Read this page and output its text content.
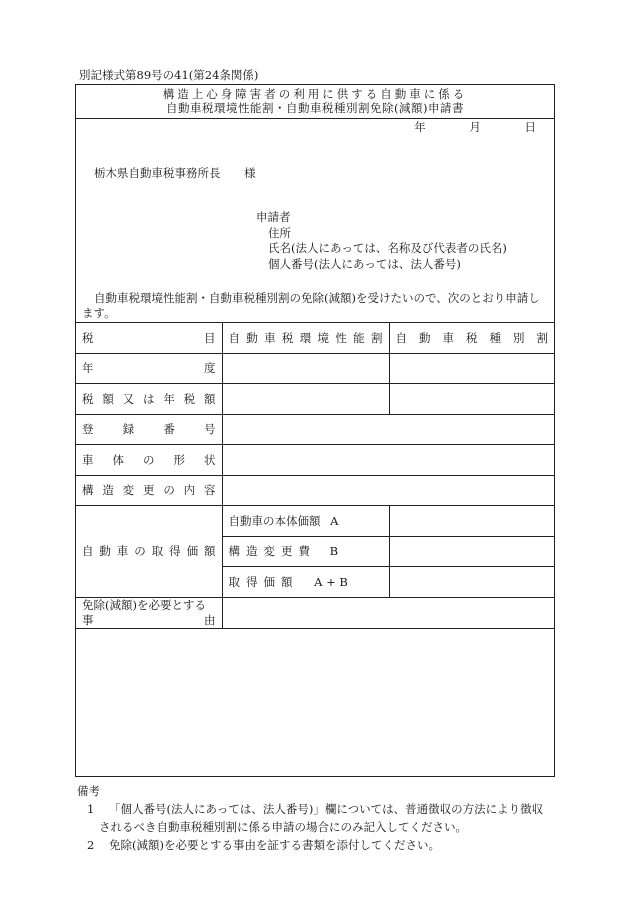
別記様式第89号の41(第24条関係)
構造上心身障害者の利用に供する自動車に係る
自動車税環境性能割・自動車税種別割免除(減額)申請書
年	月	日
栃木県自動車税事務所長 様
申請者
住所
氏名(法人にあっては、名称及び代表者の氏名)
個人番号(法人にあっては、法人番号)
自動車税環境性能割・自動車税種別割の免除(減額)を受けたいので、次のとおり申請します。
税目	自動車税環境性能割	自動車税種別割
年度		
税額又は年税額		
登録番号		
車体の形状		
構造変更の内容		
自動車の取得価額	自動車の本体価額 A	
	構造変更費 B	
	取得価額 A + B	

免除(減額)を必要とする
事 由		

備考
1 「個人番号(法人にあっては、法人番号)」欄については、普通徴収の方法により徴収
されるべき自動車税種別割に係る申請の場合にのみ記入してください。
2 免除(減額)を必要とする事由を証する書類を添付してください。
